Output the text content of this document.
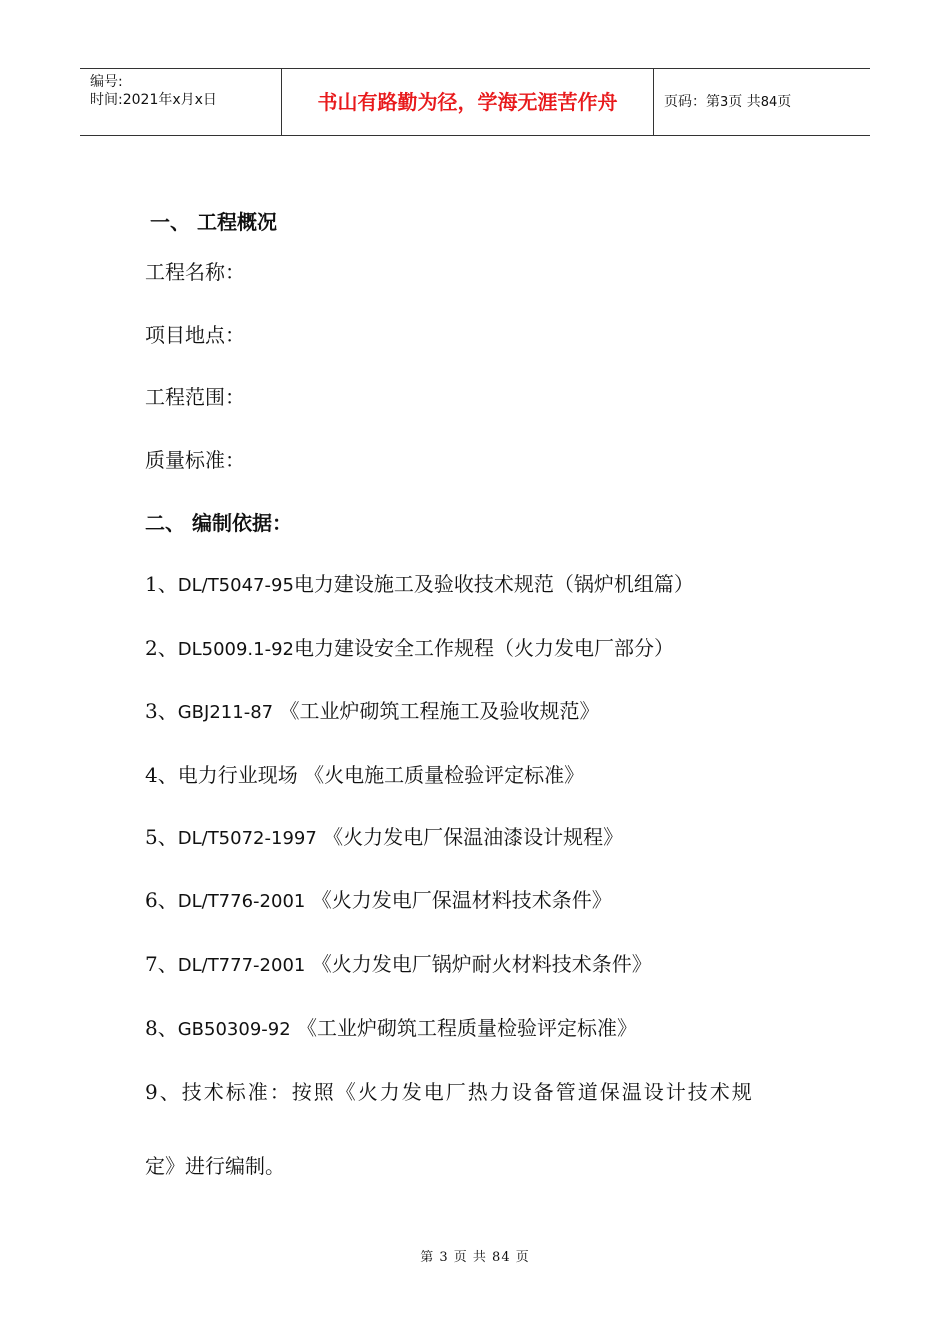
编号:
时间:2021年x月x日	书山有路勤为径，学海无涯苦作舟	页码：第3页 共84页
一、 工程概况
工程名称：
项目地点：
工程范围：
质量标准：
二、 编制依据：
1、DL/T5047-95电力建设施工及验收技术规范（锅炉机组篇）
2、DL5009.1-92电力建设安全工作规程（火力发电厂部分）
3、GBJ211-87 《工业炉砌筑工程施工及验收规范》
4、电力行业现场 《火电施工质量检验评定标准》
5、DL/T5072-1997 《火力发电厂保温油漆设计规程》
6、DL/T776-2001 《火力发电厂保温材料技术条件》
7、DL/T777-2001 《火力发电厂锅炉耐火材料技术条件》
8、GB50309-92 《工业炉砌筑工程质量检验评定标准》
9、技术标准：按照《火力发电厂热力设备管道保温设计技术规
定》进行编制。
第 3 页 共 84 页
